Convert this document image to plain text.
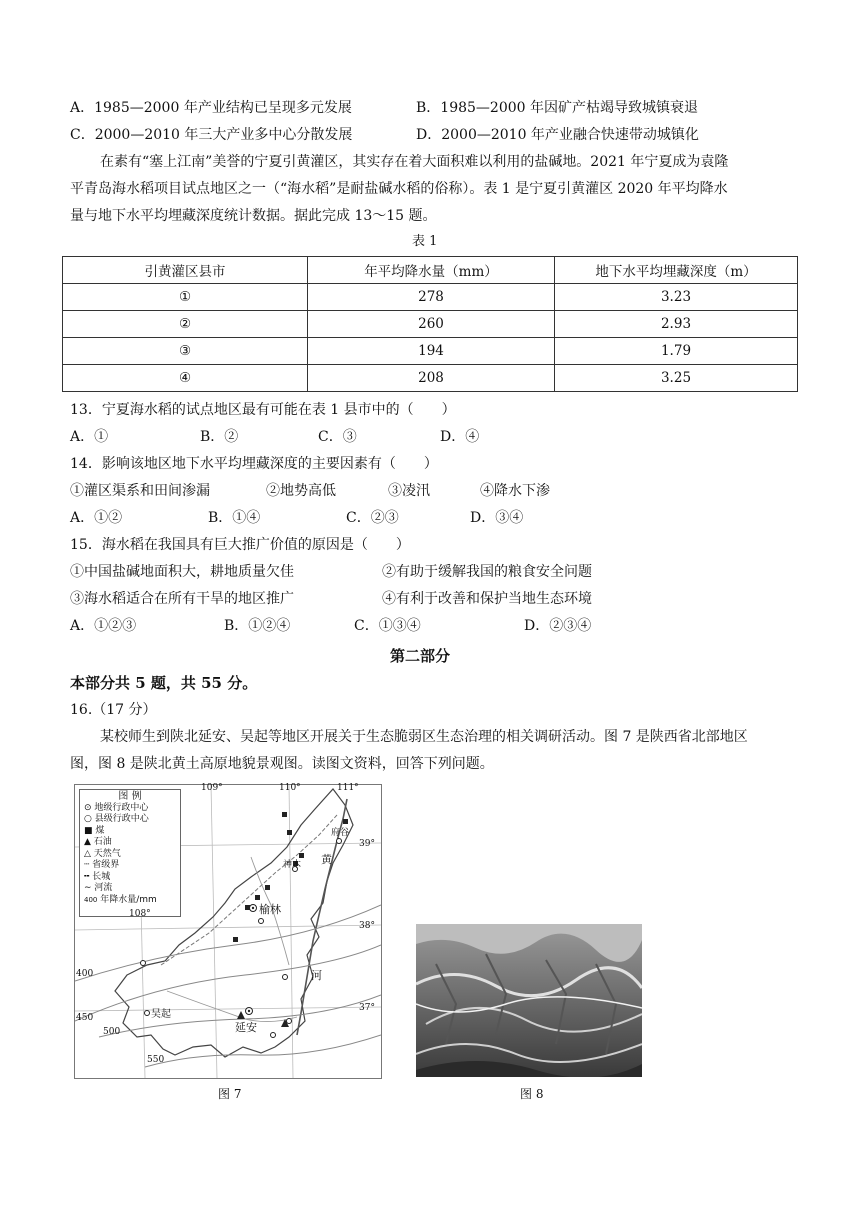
A．1985—2000 年产业结构已呈现多元发展	B．1985—2000 年因矿产枯竭导致城镇衰退
C．2000—2010 年三大产业多中心分散发展	D．2000—2010 年产业融合快速带动城镇化
在素有“塞上江南”美誉的宁夏引黄灌区，其实存在着大面积难以利用的盐碱地。2021 年宁夏成为袁隆
平青岛海水稻项目试点地区之一（“海水稻”是耐盐碱水稻的俗称）。表 1 是宁夏引黄灌区 2020 年平均降水
量与地下水平均埋藏深度统计数据。据此完成 13～15 题。
表 1
引黄灌区县市	年平均降水量（mm）	地下水平均埋藏深度（m）
①	278	3.23
②	260	2.93
③	194	1.79
④	208	3.25
13．宁夏海水稻的试点地区最有可能在表 1 县市中的（　　）
A．①	B．②	C．③	D．④
14．影响该地区地下水平均埋藏深度的主要因素有（　　）
①灌区渠系和田间渗漏	②地势高低	③凌汛	④降水下渗
A．①②	B．①④	C．②③	D．③④
15．海水稻在我国具有巨大推广价值的原因是（　　）
①中国盐碱地面积大，耕地质量欠佳	②有助于缓解我国的粮食安全问题
③海水稻适合在所有干旱的地区推广	④有利于改善和保护当地生态环境
A．①②③	B．①②④	C．①③④	D．②③④
第二部分
本部分共 5 题，共 55 分。
16.（17 分）
某校师生到陕北延安、吴起等地区开展关于生态脆弱区生态治理的相关调研活动。图 7 是陕西省北部地区
图，图 8 是陕北黄土高原地貌景观图。读图文资料，回答下列问题。
图 例
⊙ 地级行政中心
○ 县级行政中心
■ 煤
▲ 石油
△ 天然气
┄ 省级界
╍ 长城
∼ 河流
400 年降水量/mm
109°	110°	111°
108°
39°
38°
37°
府谷
神木
榆林
吴起
延安
黄
河
400
450
500
550
图 7	图 8
